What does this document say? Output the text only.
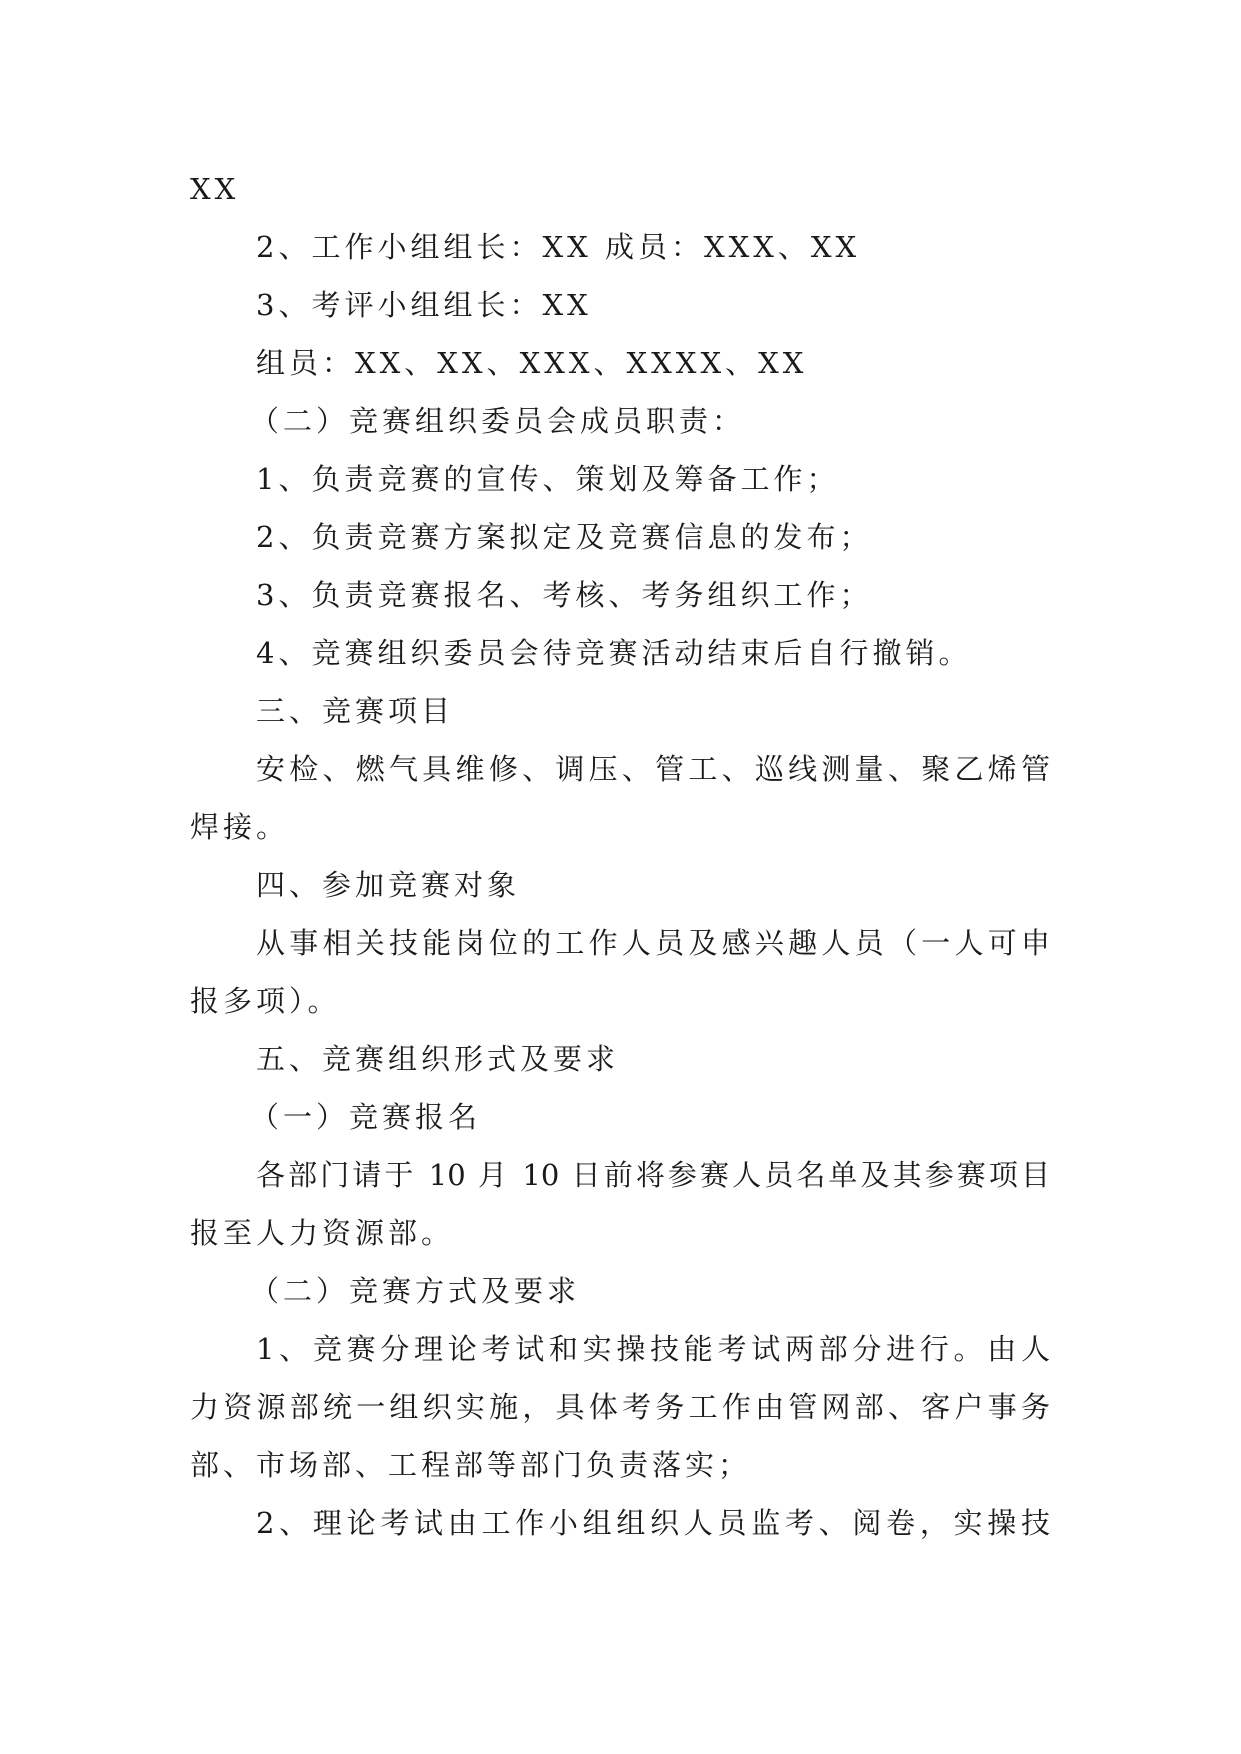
XX
2、工作小组组长：XX 成员：XXX、XX
3、考评小组组长：XX
组员：XX、XX、XXX、XXXX、XX
（二）竞赛组织委员会成员职责：
1、负责竞赛的宣传、策划及筹备工作；
2、负责竞赛方案拟定及竞赛信息的发布；
3、负责竞赛报名、考核、考务组织工作；
4、竞赛组织委员会待竞赛活动结束后自行撤销。
三、竞赛项目
安检、燃气具维修、调压、管工、巡线测量、聚乙烯管
焊接。
四、参加竞赛对象
从事相关技能岗位的工作人员及感兴趣人员（一人可申
报多项）。
五、竞赛组织形式及要求
（一）竞赛报名
各部门请于 10 月 10 日前将参赛人员名单及其参赛项目
报至人力资源部。
（二）竞赛方式及要求
1、竞赛分理论考试和实操技能考试两部分进行。由人
力资源部统一组织实施，具体考务工作由管网部、客户事务
部、市场部、工程部等部门负责落实；
2、理论考试由工作小组组织人员监考、阅卷，实操技
